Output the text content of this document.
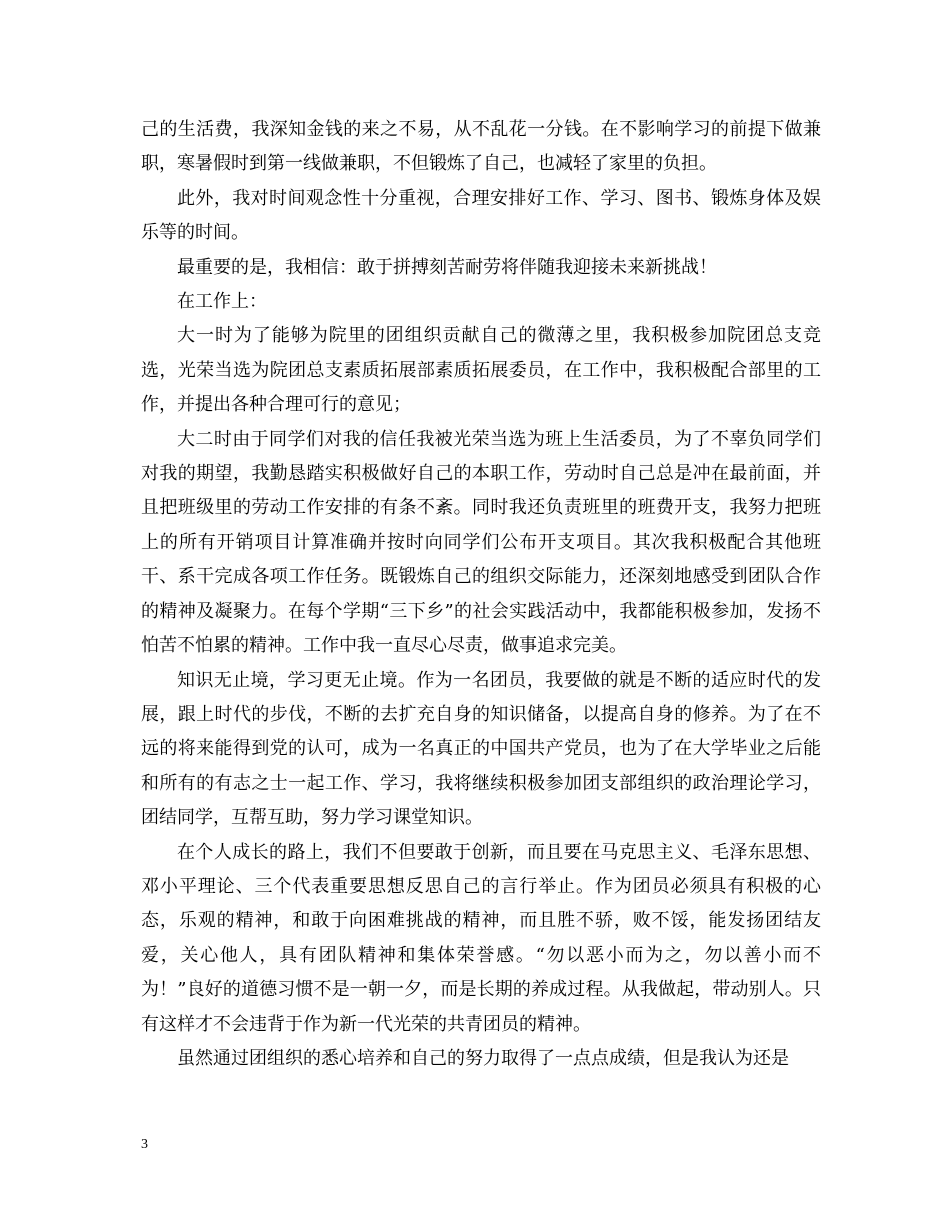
己的生活费，我深知金钱的来之不易，从不乱花一分钱。在不影响学习的前提下做兼职，寒暑假时到第一线做兼职，不但锻炼了自己，也减轻了家里的负担。

此外，我对时间观念性十分重视，合理安排好工作、学习、图书、锻炼身体及娱乐等的时间。

最重要的是，我相信：敢于拼搏刻苦耐劳将伴随我迎接未来新挑战！

在工作上：

大一时为了能够为院里的团组织贡献自己的微薄之里，我积极参加院团总支竞选，光荣当选为院团总支素质拓展部素质拓展委员，在工作中，我积极配合部里的工作，并提出各种合理可行的意见；

大二时由于同学们对我的信任我被光荣当选为班上生活委员，为了不辜负同学们对我的期望，我勤恳踏实积极做好自己的本职工作，劳动时自己总是冲在最前面，并且把班级里的劳动工作安排的有条不紊。同时我还负责班里的班费开支，我努力把班上的所有开销项目计算准确并按时向同学们公布开支项目。其次我积极配合其他班干、系干完成各项工作任务。既锻炼自己的组织交际能力，还深刻地感受到团队合作的精神及凝聚力。在每个学期“三下乡”的社会实践活动中，我都能积极参加，发扬不怕苦不怕累的精神。工作中我一直尽心尽责，做事追求完美。

知识无止境，学习更无止境。作为一名团员，我要做的就是不断的适应时代的发展，跟上时代的步伐，不断的去扩充自身的知识储备，以提高自身的修养。为了在不远的将来能得到党的认可，成为一名真正的中国共产党员，也为了在大学毕业之后能和所有的有志之士一起工作、学习，我将继续积极参加团支部组织的政治理论学习，团结同学，互帮互助，努力学习课堂知识。

在个人成长的路上，我们不但要敢于创新，而且要在马克思主义、毛泽东思想、邓小平理论、三个代表重要思想反思自己的言行举止。作为团员必须具有积极的心态，乐观的精神，和敢于向困难挑战的精神，而且胜不骄，败不馁，能发扬团结友爱，关心他人，具有团队精神和集体荣誉感。“勿以恶小而为之，勿以善小而不为！”良好的道德习惯不是一朝一夕，而是长期的养成过程。从我做起，带动别人。只有这样才不会违背于作为新一代光荣的共青团员的精神。

虽然通过团组织的悉心培养和自己的努力取得了一点点成绩，但是我认为还是

3
